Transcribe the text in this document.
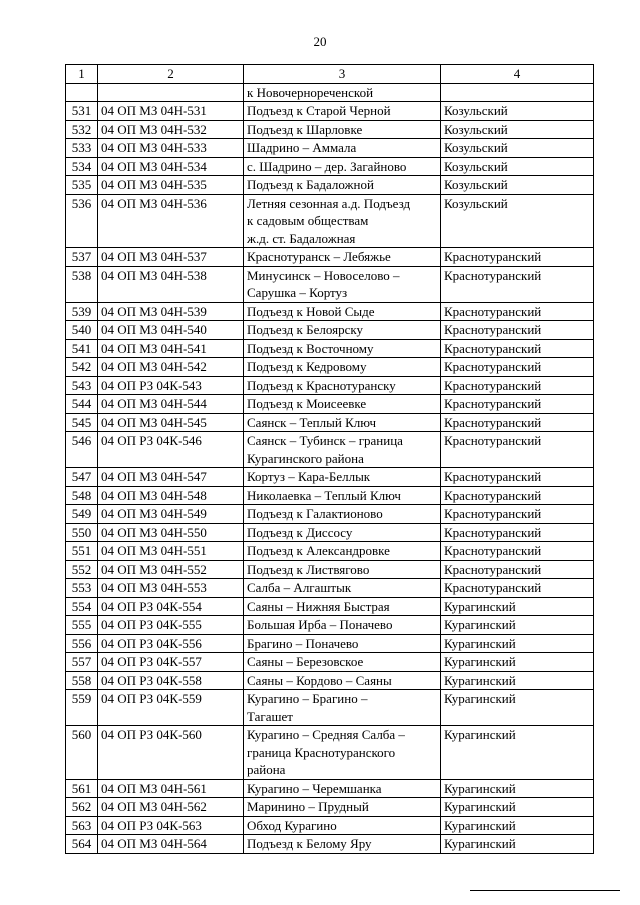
20
1	2	3	4

		к Новочернореченской	

531	04 ОП МЗ 04Н-531	Подъезд к Старой Черной	Козульский
532	04 ОП МЗ 04Н-532	Подъезд к Шарловке	Козульский
533	04 ОП МЗ 04Н-533	Шадрино – Аммала	Козульский
534	04 ОП МЗ 04Н-534	с. Шадрино – дер. Загайново	Козульский
535	04 ОП МЗ 04Н-535	Подъезд к Бадаложной	Козульский
536	04 ОП МЗ 04Н-536	Летняя сезонная а.д. Подъезд
к садовым обществам
ж.д. ст. Бадаложная	Козульский
537	04 ОП МЗ 04Н-537	Краснотуранск – Лебяжье	Краснотуранский
538	04 ОП МЗ 04Н-538	Минусинск – Новоселово –
Сарушка – Кортуз	Краснотуранский
539	04 ОП МЗ 04Н-539	Подъезд к Новой Сыде	Краснотуранский
540	04 ОП МЗ 04Н-540	Подъезд к Белоярску	Краснотуранский
541	04 ОП МЗ 04Н-541	Подъезд к Восточному	Краснотуранский
542	04 ОП МЗ 04Н-542	Подъезд к Кедровому	Краснотуранский
543	04 ОП РЗ 04К-543	Подъезд к Краснотуранску	Краснотуранский
544	04 ОП МЗ 04Н-544	Подъезд к Моисеевке	Краснотуранский
545	04 ОП МЗ 04Н-545	Саянск – Теплый Ключ	Краснотуранский
546	04 ОП РЗ 04К-546	Саянск – Тубинск – граница
Курагинского района	Краснотуранский
547	04 ОП МЗ 04Н-547	Кортуз – Кара-Беллык	Краснотуранский
548	04 ОП МЗ 04Н-548	Николаевка – Теплый Ключ	Краснотуранский
549	04 ОП МЗ 04Н-549	Подъезд к Галактионово	Краснотуранский
550	04 ОП МЗ 04Н-550	Подъезд к Диссосу	Краснотуранский
551	04 ОП МЗ 04Н-551	Подъезд к Александровке	Краснотуранский
552	04 ОП МЗ 04Н-552	Подъезд к Листвягово	Краснотуранский
553	04 ОП МЗ 04Н-553	Салба – Алгаштык	Краснотуранский
554	04 ОП РЗ 04К-554	Саяны – Нижняя Быстрая	Курагинский
555	04 ОП РЗ 04К-555	Большая Ирба – Поначево	Курагинский
556	04 ОП РЗ 04К-556	Брагино – Поначево	Курагинский
557	04 ОП РЗ 04К-557	Саяны – Березовское	Курагинский
558	04 ОП РЗ 04К-558	Саяны – Кордово – Саяны	Курагинский
559	04 ОП РЗ 04К-559	Курагино – Брагино –
Тагашет	Курагинский
560	04 ОП РЗ 04К-560	Курагино – Средняя Салба –
граница Краснотуранского
района	Курагинский
561	04 ОП МЗ 04Н-561	Курагино – Черемшанка	Курагинский
562	04 ОП МЗ 04Н-562	Маринино – Прудный	Курагинский
563	04 ОП РЗ 04К-563	Обход Курагино	Курагинский
564	04 ОП МЗ 04Н-564	Подъезд к Белому Яру	Курагинский
